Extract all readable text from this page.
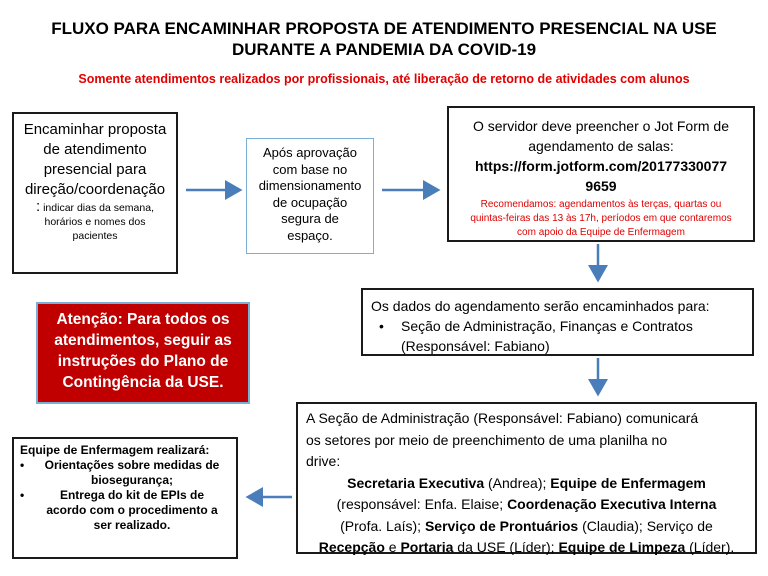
FLUXO PARA ENCAMINHAR PROPOSTA DE ATENDIMENTO PRESENCIAL NA USE
DURANTE A PANDEMIA DA COVID-19
Somente atendimentos realizados por profissionais, até liberação de retorno de atividades com alunos
Encaminhar proposta
de atendimento
presencial para
direção/coordenação
: indicar dias da semana,
horários e nomes dos
pacientes
Após aprovação
com base no
dimensionamento
de ocupação
segura de
espaço.
O servidor deve preencher o Jot Form de
agendamento de salas:
https://form.jotform.com/20177330077
9659
Recomendamos: agendamentos às terças, quartas ou
quintas-feiras das 13 às 17h, períodos em que contaremos
com apoio da Equipe de Enfermagem
Os dados do agendamento serão encaminhados para:
• Seção de Administração, Finanças e Contratos
(Responsável: Fabiano)
A Seção de Administração (Responsável: Fabiano) comunicará
os setores por meio de preenchimento de uma planilha no
drive:
Secretaria Executiva (Andrea); Equipe de Enfermagem
(responsável: Enfa. Elaise; Coordenação Executiva Interna
(Profa. Laís); Serviço de Prontuários (Claudia); Serviço de
Recepção e Portaria da USE (Líder); Equipe de Limpeza (Líder).
Equipe de Enfermagem realizará:
•	Orientações sobre medidas de
biosegurança;
•	Entrega do kit de EPIs de
acordo com o procedimento a
ser realizado.
Atenção: Para todos os
atendimentos, seguir as
instruções do Plano de
Contingência da USE.
